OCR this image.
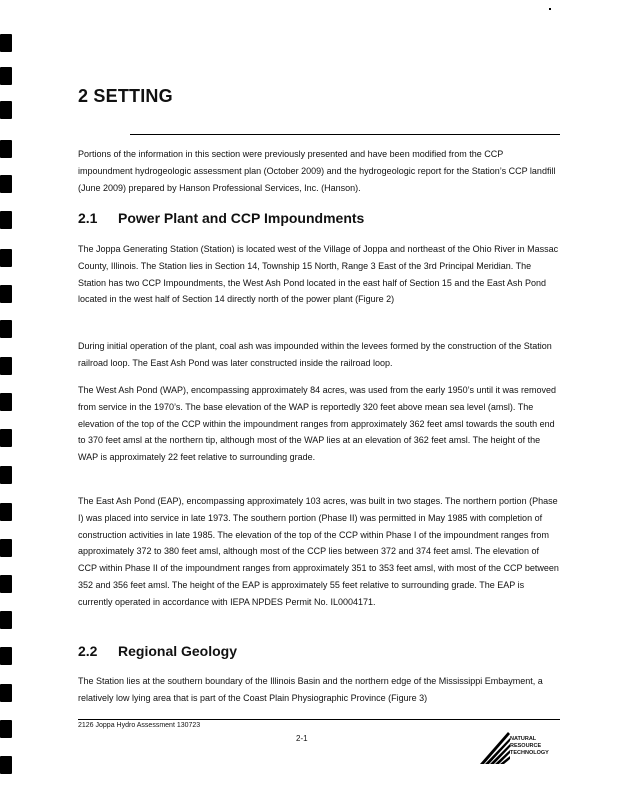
2 SETTING
Portions of the information in this section were previously presented and have been modified from the CCP impoundment hydrogeologic assessment plan (October 2009) and the hydrogeologic report for the Station’s CCP landfill (June 2009) prepared by Hanson Professional Services, Inc. (Hanson).
2.1 Power Plant and CCP Impoundments
The Joppa Generating Station (Station) is located west of the Village of Joppa and northeast of the Ohio River in Massac County, Illinois. The Station lies in Section 14, Township 15 North, Range 3 East of the 3rd Principal Meridian. The Station has two CCP Impoundments, the West Ash Pond located in the east half of Section 15 and the East Ash Pond located in the west half of Section 14 directly north of the power plant (Figure 2)
During initial operation of the plant, coal ash was impounded within the levees formed by the construction of the Station railroad loop. The East Ash Pond was later constructed inside the railroad loop.
The West Ash Pond (WAP), encompassing approximately 84 acres, was used from the early 1950’s until it was removed from service in the 1970’s. The base elevation of the WAP is reportedly 320 feet above mean sea level (amsl). The elevation of the top of the CCP within the impoundment ranges from approximately 362 feet amsl towards the south end to 370 feet amsl at the northern tip, although most of the WAP lies at an elevation of 362 feet amsl. The height of the WAP is approximately 22 feet relative to surrounding grade.
The East Ash Pond (EAP), encompassing approximately 103 acres, was built in two stages. The northern portion (Phase I) was placed into service in late 1973. The southern portion (Phase II) was permitted in May 1985 with completion of construction activities in late 1985. The elevation of the top of the CCP within Phase I of the impoundment ranges from approximately 372 to 380 feet amsl, although most of the CCP lies between 372 and 374 feet amsl. The elevation of CCP within Phase II of the impoundment ranges from approximately 351 to 353 feet amsl, with most of the CCP between 352 and 356 feet amsl. The height of the EAP is approximately 55 feet relative to surrounding grade. The EAP is currently operated in accordance with IEPA NPDES Permit No. IL0004171.
2.2 Regional Geology
The Station lies at the southern boundary of the Illinois Basin and the northern edge of the Mississippi Embayment, a relatively low lying area that is part of the Coast Plain Physiographic Province (Figure 3)
2126 Joppa Hydro Assessment 130723
2-1	NATURAL
RESOURCE
TECHNOLOGY
